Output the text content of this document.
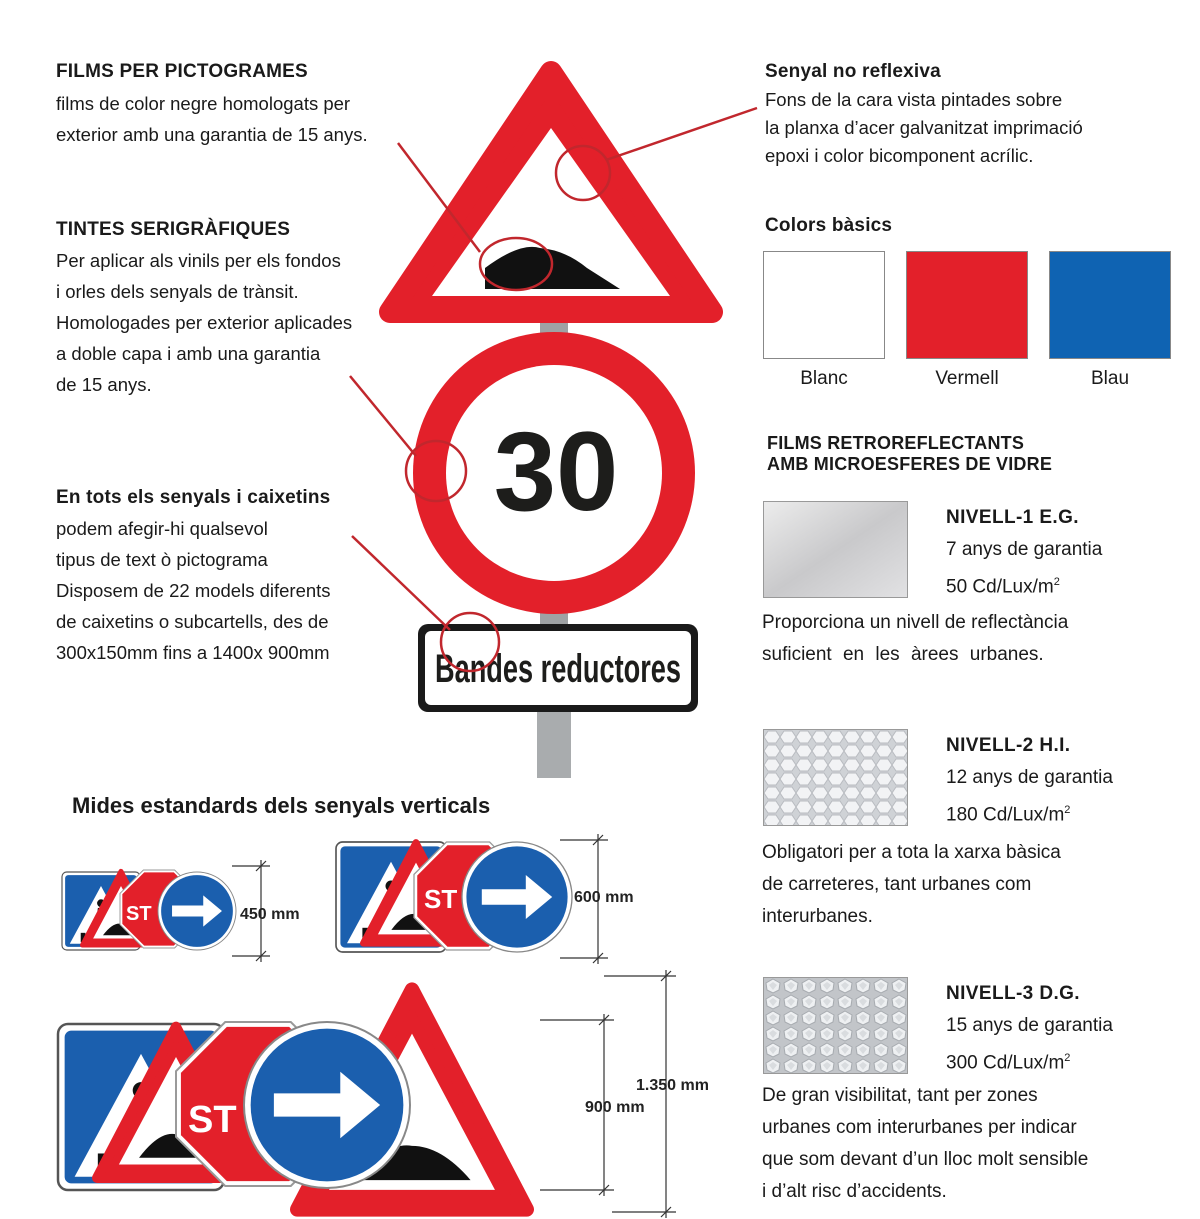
FILMS PER PICTOGRAMES

films de color negre homologats per

exterior amb una garantia de 15 anys.

TINTES SERIGRÀFIQUES

Per aplicar als vinils per els fondos

i orles dels senyals de trànsit.

Homologades per exterior aplicades

a doble capa i amb una garantia

de 15 anys.

En tots els senyals i caixetins

podem afegir-hi qualsevol

tipus de text ò pictograma

Disposem de 22 models diferents

de caixetins o subcartells, des de

300x150mm fins a 1400x 900mm

30
Bandes reductores

Senyal no reflexiva

Fons de la cara vista pintades sobre

la planxa d’acer galvanitzat imprimació

epoxi i color bicomponent acrílic.

Colors bàsics

Blanc	Vermell	Blau

FILMS RETROREFLECTANTS

AMB MICROESFERES DE VIDRE

NIVELL-1 E.G.

7 anys de garantia

50 $Cd/Lux/m^2$

Proporciona un nivell de reflectància

suficient en les àrees urbanes.

NIVELL-2 H.I.

12 anys de garantia

180 $Cd/Lux/m^2$

Obligatori per a tota la xarxa bàsica

de carreteres, tant urbanes com

interurbanes.

NIVELL-3 D.G.

15 anys de garantia

300 $Cd/Lux/m^2$

De gran visibilitat, tant per zones

urbanes com interurbanes per indicar

que som devant d’un lloc molt sensible

i d’alt risc d’accidents.

Mides estandards dels senyals verticals

ST	450 mm
ST	600 mm
ST	900 mm
1.350 mm
